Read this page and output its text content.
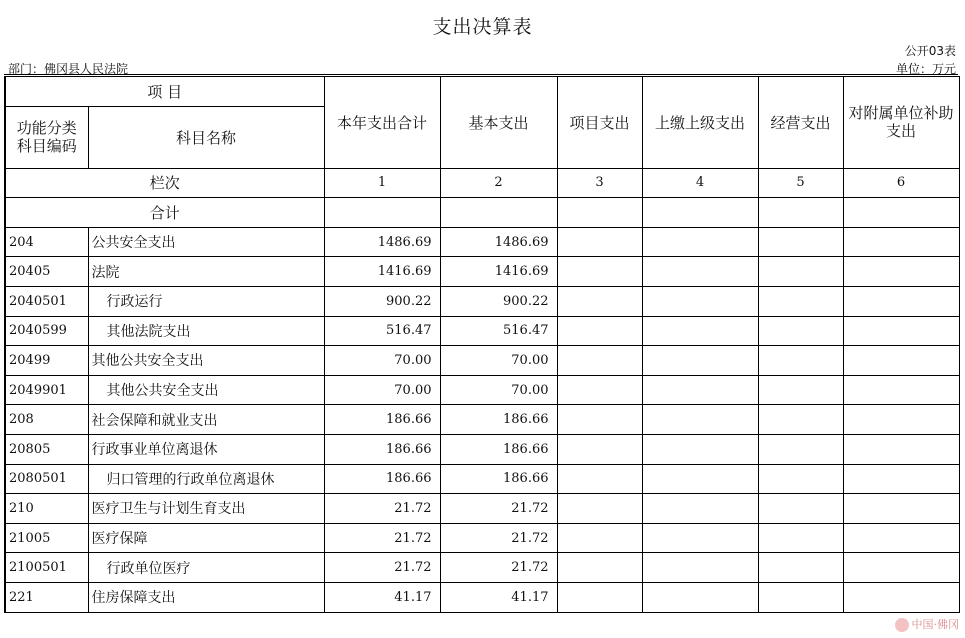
支出决算表
公开03表
部门：佛冈县人民法院	单位：万元
项 目		本年支出合计	基本支出	项目支出	上缴上级支出	经营支出	对附属单位补助支出
功能分类
科目编码	科目名称						
栏次		1	2	3	4	5	6
合计							
204	公共安全支出	1486.69	1486.69				
20405	法院	1416.69	1416.69				
2040501	行政运行	900.22	900.22				
2040599	其他法院支出	516.47	516.47				
20499	其他公共安全支出	70.00	70.00				
2049901	其他公共安全支出	70.00	70.00				
208	社会保障和就业支出	186.66	186.66				
20805	行政事业单位离退休	186.66	186.66				
2080501	归口管理的行政单位离退休	186.66	186.66				
210	医疗卫生与计划生育支出	21.72	21.72				
21005	医疗保障	21.72	21.72				
2100501	行政单位医疗	21.72	21.72				
221	住房保障支出	41.17	41.17				
中国·佛冈
